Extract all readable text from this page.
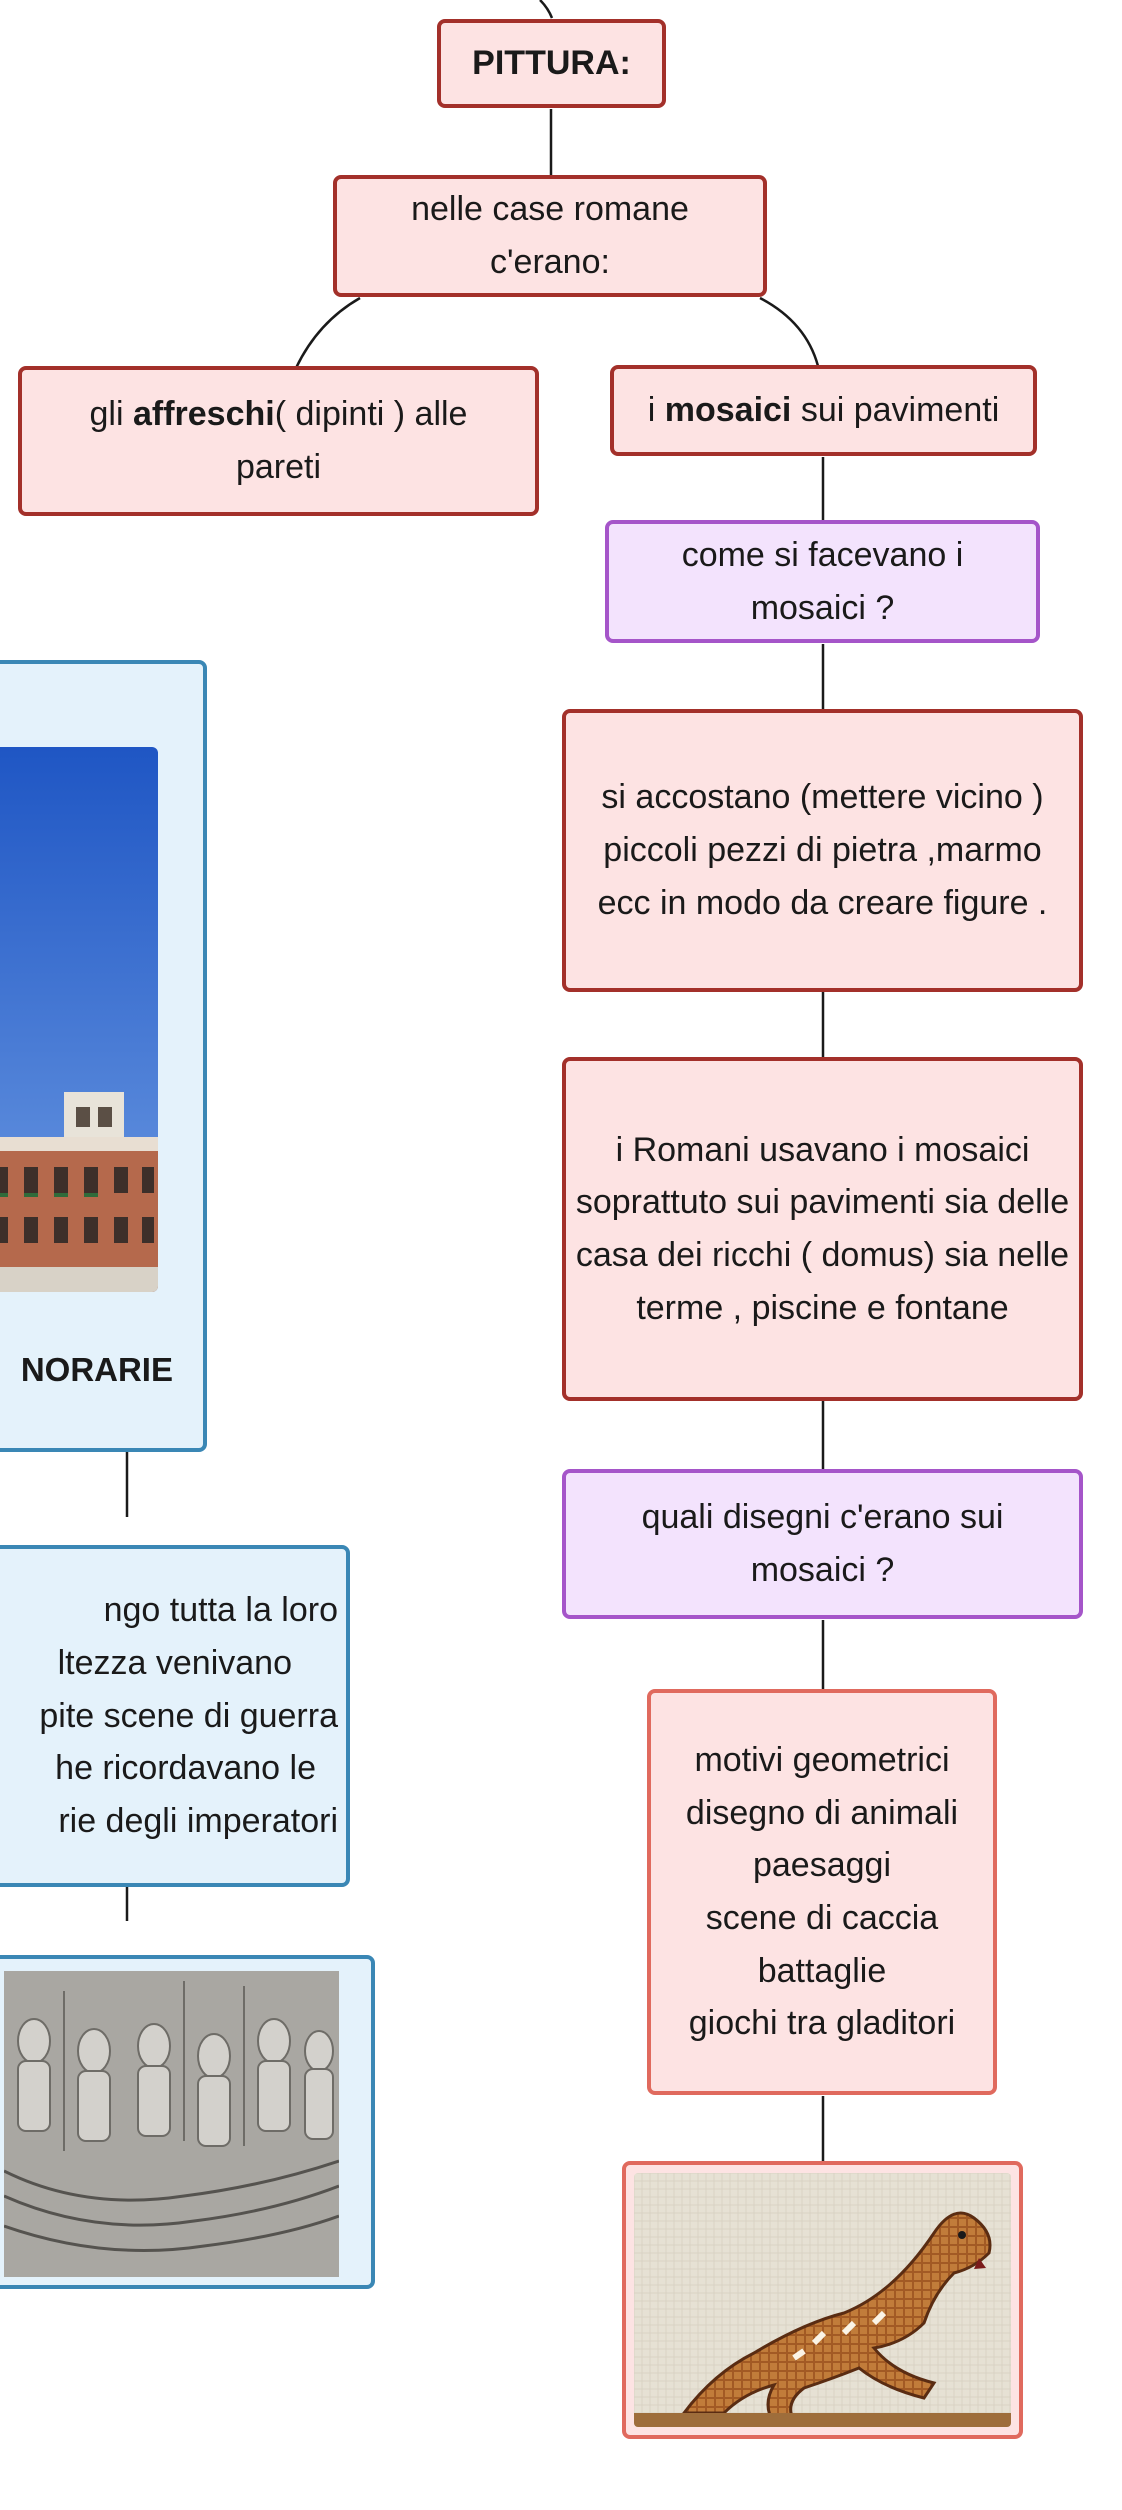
PITTURA:
nelle case romane c'erano:
gli affreschi( dipinti ) alle pareti
i mosaici sui pavimenti
come si facevano i mosaici ?
si accostano (mettere vicino ) piccoli pezzi di pietra ,marmo ecc in modo da creare figure .
i Romani usavano i mosaici soprattuto sui pavimenti sia delle casa dei ricchi ( domus) sia nelle terme , piscine e fontane
quali disegni c'erano sui mosaici ?
motivi geometrici
disegno di animali
paesaggi
scene di caccia
battaglie
giochi tra gladitori
NORARIE
ngo tutta la loro
ltezza venivano
pite scene di guerra
he ricordavano le
rie degli imperatori
